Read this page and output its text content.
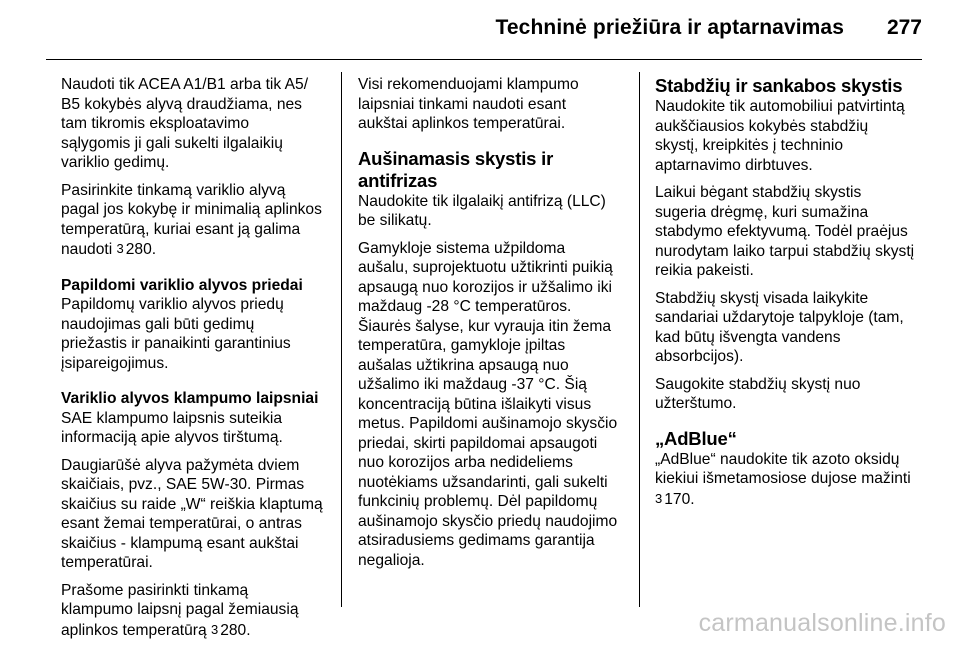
Techninė priežiūra ir aptarnavimas 277

Naudoti tik ACEA A1/B1 arba tik A5/
B5 kokybės alyvą draudžiama, nes
tam tikromis eksploatavimo
sąlygomis ji gali sukelti ilgalaikių
variklio gedimų.

Pasirinkite tinkamą variklio alyvą
pagal jos kokybę ir minimalią aplinkos
temperatūrą, kuriai esant ją galima
naudoti 3 280.

Papildomi variklio alyvos priedai

Papildomų variklio alyvos priedų
naudojimas gali būti gedimų
priežastis ir panaikinti garantinius
įsipareigojimus.

Variklio alyvos klampumo laipsniai

SAE klampumo laipsnis suteikia
informaciją apie alyvos tirštumą.

Daugiarūšė alyva pažymėta dviem
skaičiais, pvz., SAE 5W-30. Pirmas
skaičius su raide „W“ reiškia klaptumą
esant žemai temperatūrai, o antras
skaičius - klampumą esant aukštai
temperatūrai.

Prašome pasirinkti tinkamą
klampumo laipsnį pagal žemiausią
aplinkos temperatūrą 3 280.

Visi rekomenduojami klampumo
laipsniai tinkami naudoti esant
aukštai aplinkos temperatūrai.

Aušinamasis skystis ir antifrizas

Naudokite tik ilgalaikį antifrizą (LLC)
be silikatų.

Gamykloje sistema užpildoma
aušalu, suprojektuotu užtikrinti puikią
apsaugą nuo korozijos ir užšalimo iki
maždaug -28 °C temperatūros.
Šiaurės šalyse, kur vyrauja itin žema
temperatūra, gamykloje įpiltas
aušalas užtikrina apsaugą nuo
užšalimo iki maždaug -37 °C. Šią
koncentraciją būtina išlaikyti visus
metus. Papildomi aušinamojo skysčio
priedai, skirti papildomai apsaugoti
nuo korozijos arba nedideliems
nuotėkiams užsandarinti, gali sukelti
funkcinių problemų. Dėl papildomų
aušinamojo skysčio priedų naudojimo
atsiradusiems gedimams garantija
negalioja.

Stabdžių ir sankabos skystis

Naudokite tik automobiliui patvirtintą
aukščiausios kokybės stabdžių
skystį, kreipkitės į techninio
aptarnavimo dirbtuves.

Laikui bėgant stabdžių skystis
sugeria drėgmę, kuri sumažina
stabdymo efektyvumą. Todėl praėjus
nurodytam laiko tarpui stabdžių skystį
reikia pakeisti.

Stabdžių skystį visada laikykite
sandariai uždarytoje talpykloje (tam,
kad būtų išvengta vandens
absorbcijos).

Saugokite stabdžių skystį nuo
užterštumo.

„AdBlue“

„AdBlue“ naudokite tik azoto oksidų
kiekiui išmetamosiose dujose mažinti
3 170.

carmanualsonline.info
